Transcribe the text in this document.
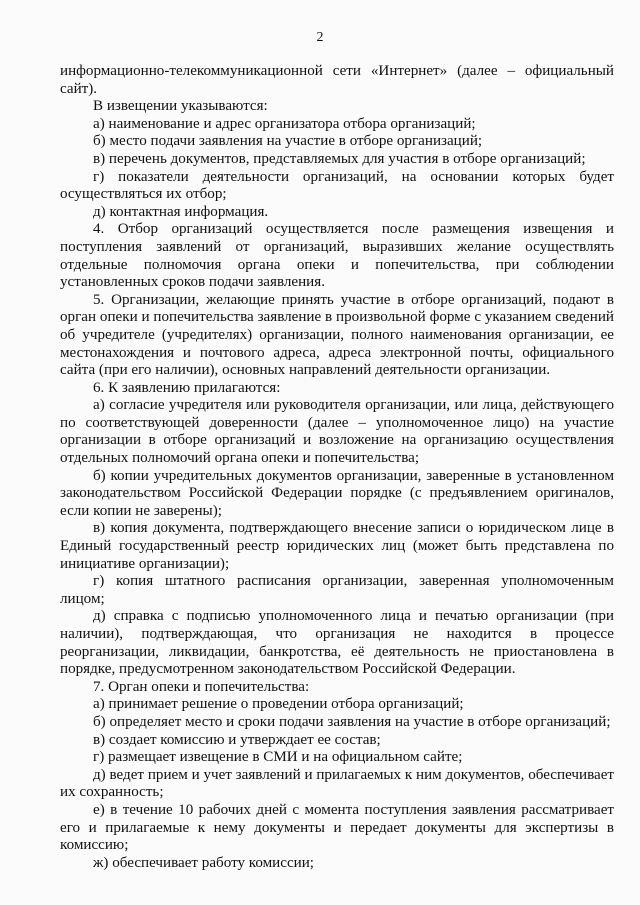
2

информационно-телекоммуникационной сети «Интернет» (далее – официальный сайт).

В извещении указываются:

а) наименование и адрес организатора отбора организаций;

б) место подачи заявления на участие в отборе организаций;

в) перечень документов, представляемых для участия в отборе организаций;

г) показатели деятельности организаций, на основании которых будет осуществляться их отбор;

д) контактная информация.

4. Отбор организаций осуществляется после размещения извещения и поступления заявлений от организаций, выразивших желание осуществлять отдельные полномочия органа опеки и попечительства, при соблюдении установленных сроков подачи заявления.

5. Организации, желающие принять участие в отборе организаций, подают в орган опеки и попечительства заявление в произвольной форме с указанием сведений об учредителе (учредителях) организации, полного наименования организации, ее местонахождения и почтового адреса, адреса электронной почты, официального сайта (при его наличии), основных направлений деятельности организации.

6. К заявлению прилагаются:

а) согласие учредителя или руководителя организации, или лица, действующего по соответствующей доверенности (далее – уполномоченное лицо) на участие организации в отборе организаций и возложение на организацию осуществления отдельных полномочий органа опеки и попечительства;

б) копии учредительных документов организации, заверенные в установленном законодательством Российской Федерации порядке (с предъявлением оригиналов, если копии не заверены);

в) копия документа, подтверждающего внесение записи о юридическом лице в Единый государственный реестр юридических лиц (может быть представлена по инициативе организации);

г) копия штатного расписания организации, заверенная уполномоченным лицом;

д) справка с подписью уполномоченного лица и печатью организации (при наличии), подтверждающая, что организация не находится в процессе реорганизации, ликвидации, банкротства, её деятельность не приостановлена в порядке, предусмотренном законодательством Российской Федерации.

7. Орган опеки и попечительства:

а) принимает решение о проведении отбора организаций;

б) определяет место и сроки подачи заявления на участие в отборе организаций;

в) создает комиссию и утверждает ее состав;

г) размещает извещение в СМИ и на официальном сайте;

д) ведет прием и учет заявлений и прилагаемых к ним документов, обеспечивает их сохранность;

е) в течение 10 рабочих дней с момента поступления заявления рассматривает его и прилагаемые к нему документы и передает документы для экспертизы в комиссию;

ж) обеспечивает работу комиссии;
